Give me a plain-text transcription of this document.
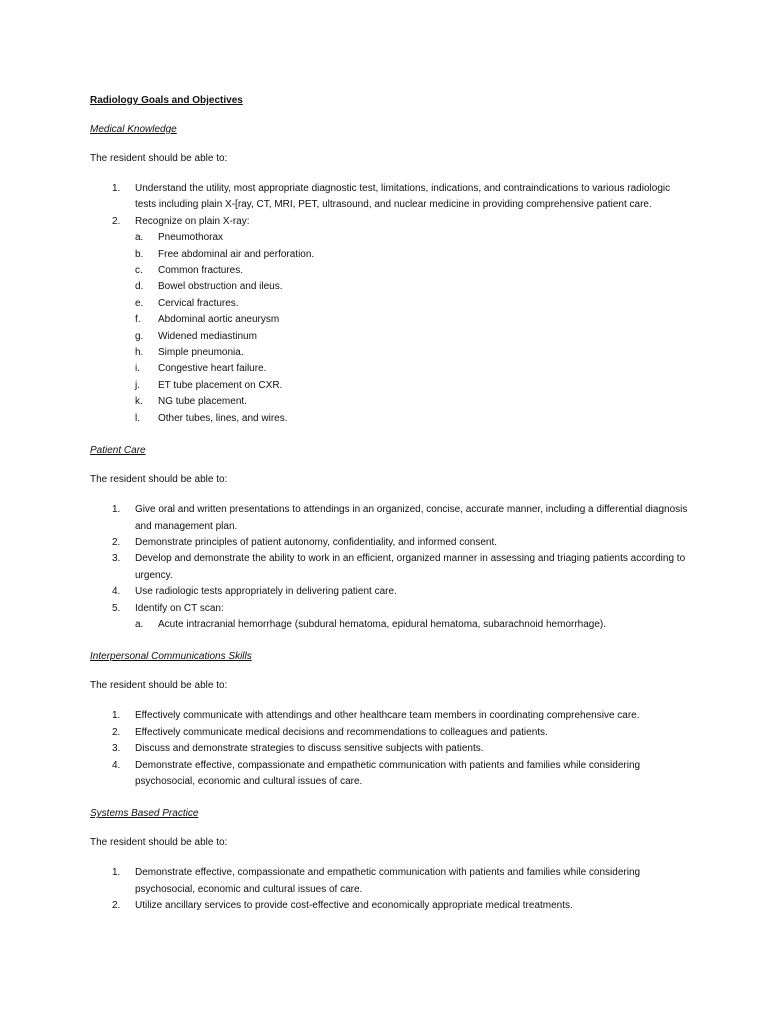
Radiology Goals and Objectives
Medical Knowledge
The resident should be able to:
1. Understand the utility, most appropriate diagnostic test, limitations, indications, and contraindications to various radiologic tests including plain X-[ray, CT, MRI, PET, ultrasound, and nuclear medicine in providing comprehensive patient care.
2. Recognize on plain X-ray:
a. Pneumothorax
b. Free abdominal air and perforation.
c. Common fractures.
d. Bowel obstruction and ileus.
e. Cervical fractures.
f. Abdominal aortic aneurysm
g. Widened mediastinum
h. Simple pneumonia.
i. Congestive heart failure.
j. ET tube placement on CXR.
k. NG tube placement.
l. Other tubes, lines, and wires.
Patient Care
The resident should be able to:
1. Give oral and written presentations to attendings in an organized, concise, accurate manner, including a differential diagnosis and management plan.
2. Demonstrate principles of patient autonomy, confidentiality, and informed consent.
3. Develop and demonstrate the ability to work in an efficient, organized manner in assessing and triaging patients according to urgency.
4. Use radiologic tests appropriately in delivering patient care.
5. Identify on CT scan:
a. Acute intracranial hemorrhage (subdural hematoma, epidural hematoma, subarachnoid hemorrhage).
Interpersonal Communications Skills
The resident should be able to:
1. Effectively communicate with attendings and other healthcare team members in coordinating comprehensive care.
2. Effectively communicate medical decisions and recommendations to colleagues and patients.
3. Discuss and demonstrate strategies to discuss sensitive subjects with patients.
4. Demonstrate effective, compassionate and empathetic communication with patients and families while considering psychosocial, economic and cultural issues of care.
Systems Based Practice
The resident should be able to:
1. Demonstrate effective, compassionate and empathetic communication with patients and families while considering psychosocial, economic and cultural issues of care.
2. Utilize ancillary services to provide cost-effective and economically appropriate medical treatments.
